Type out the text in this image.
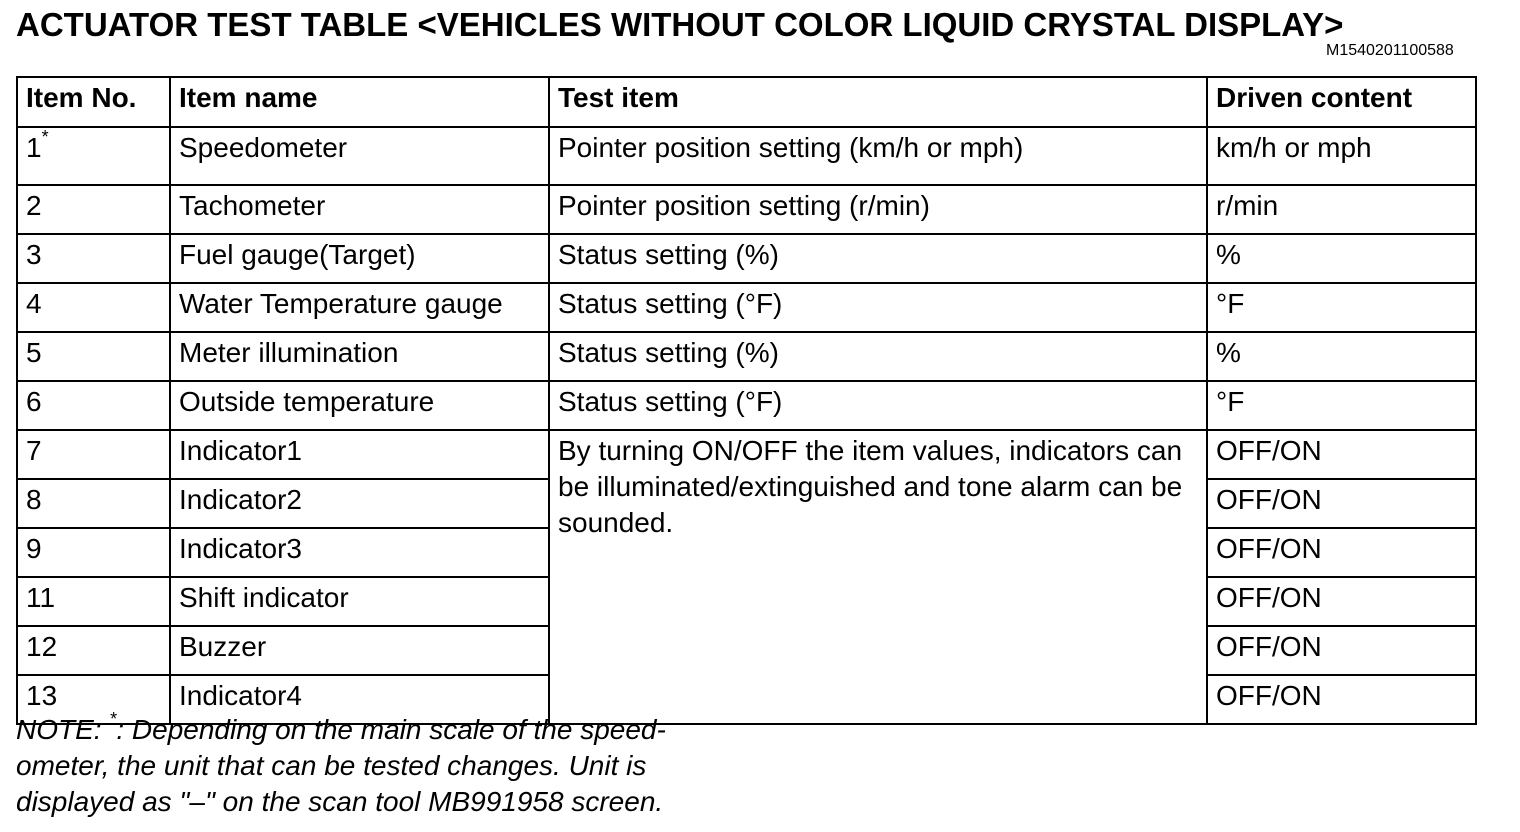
ACTUATOR TEST TABLE <VEHICLES WITHOUT COLOR LIQUID CRYSTAL DISPLAY>
M1540201100588
Item No.	Item name	Test item	Driven content
1*	Speedometer	Pointer position setting (km/h or mph)	km/h or mph
2	Tachometer	Pointer position setting (r/min)	r/min
3	Fuel gauge(Target)	Status setting (%)	%
4	Water Temperature gauge	Status setting (°F)	°F
5	Meter illumination	Status setting (%)	%
6	Outside temperature	Status setting (°F)	°F
7	Indicator1	By turning ON/OFF the item values, indicators can be illuminated/extinguished and tone alarm can be sounded.	OFF/ON
8	Indicator2		OFF/ON
9	Indicator3		OFF/ON
11	Shift indicator		OFF/ON
12	Buzzer		OFF/ON
13	Indicator4		OFF/ON
NOTE: *: Depending on the main scale of the speed-
ometer, the unit that can be tested changes. Unit is
displayed as "–" on the scan tool MB991958 screen.
